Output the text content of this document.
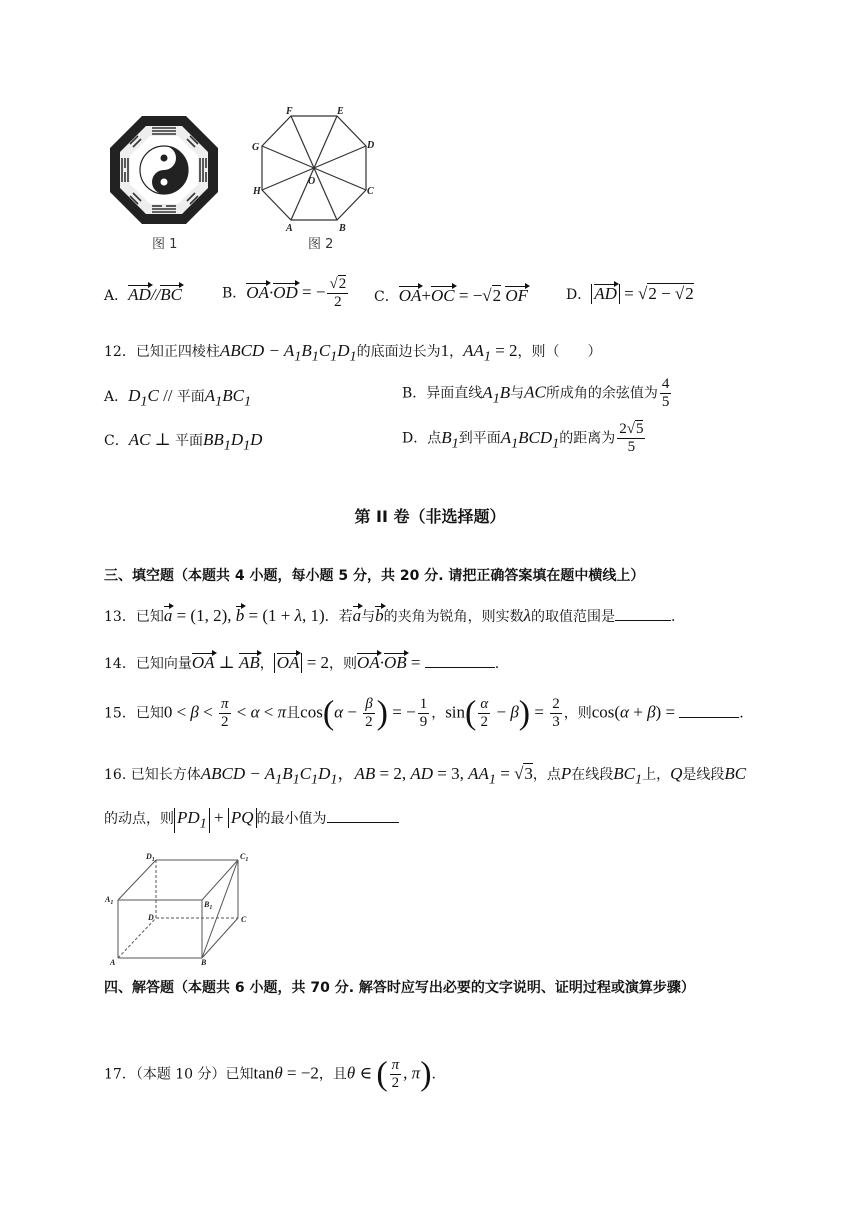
图 1
F	E
D
G
H	C
A	B
O
图 2
A．AD//BC	B．OA·OD = − $\frac{√2}{2}$ C．OA+OC = −√2 OF	D． AD = √2 − √2
12．已知正四棱柱ABCD − $A_1B_1C_1D_1$的底面边长为1，$AA_1 = 2$，则（　　）
A．$D_1C$ // 平面$A_1BC_1$	B．异面直线$A_1B$与AC所成角的余弦值为 $\frac{4}{5}$
C．AC ⊥ 平面$BB_1D_1D$	D．点$B_1$到平面$A_1BCD_1$的距离为 $\frac{2√5}{5}$
第 II 卷（非选择题）
三、填空题（本题共 4 小题，每小题 5 分，共 20 分. 请把正确答案填在题中横线上）
13．已知a = (1, 2), b = (1 + λ, 1)．若a与b的夹角为锐角，则实数λ的取值范围是	.
14．已知向量OA ⊥ AB， OA = 2，则OA·OB =	.
15．已知$0 < \beta < \frac{\pi}{2} < \alpha < \pi$且$\cos(\alpha - \frac{\beta}{2}$ ) = − $\frac{1}{9}$ ，$\sin( \frac{\alpha}{2} - \beta) = \frac{2}{3}$ ，则cos(α + β) =	.
16. 已知长方体ABCD − $A_1B_1C_1D_1$，AB = 2, AD = 3, $AA_1 = √3$，点P在线段$BC_1$上，Q是线段BC
的动点，则 $PD_1$ + PQ 的最小值为
$D_1$	$C_1$
$A_1$	$B_1$
D	C
A	B
四、解答题（本题共 6 小题，共 70 分. 解答时应写出必要的文字说明、证明过程或演算步骤）
17．（本题 10 分）已知tanθ = −2，且θ ∈ ( $\frac{\pi}{2}$ , π).
